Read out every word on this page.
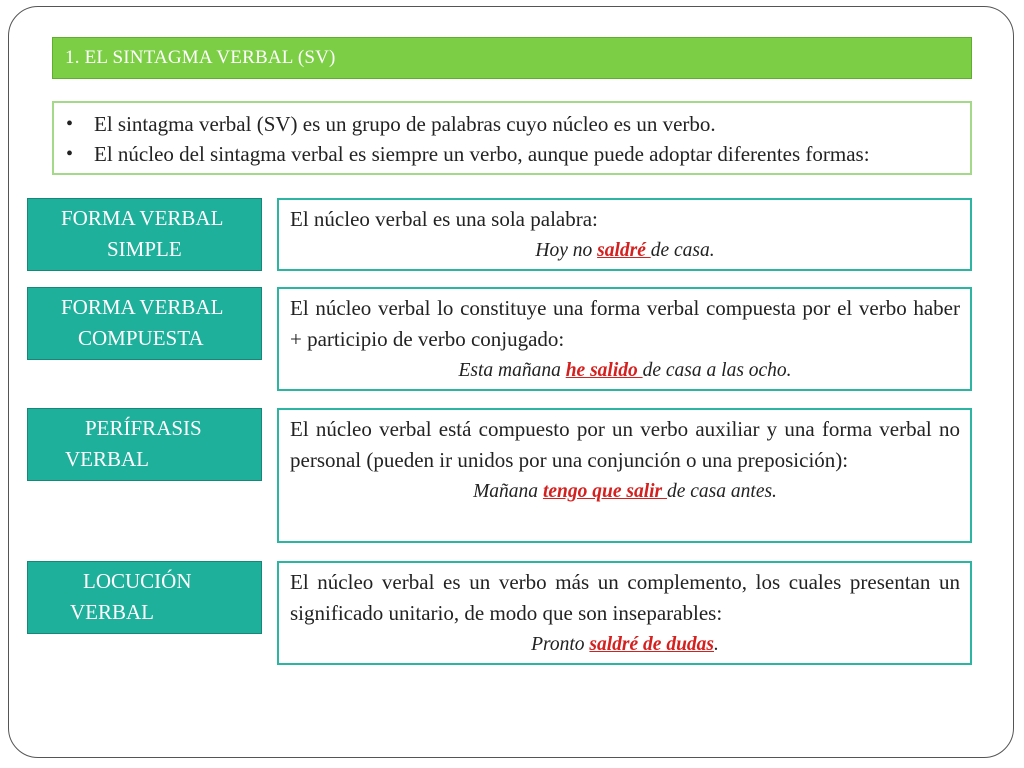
1. EL SINTAGMA VERBAL (SV)
• El sintagma verbal (SV) es un grupo de palabras cuyo núcleo es un verbo.
• El núcleo del sintagma verbal es siempre un verbo, aunque puede adoptar diferentes formas:
FORMA VERBAL
SIMPLE
El núcleo verbal es una sola palabra:
Hoy no saldré de casa.
FORMA VERBAL
COMPUESTA
El núcleo verbal lo constituye una forma verbal compuesta por el verbo haber + participio de verbo conjugado:
Esta mañana he salido de casa a las ocho.
PERÍFRASIS
VERBAL
El núcleo verbal está compuesto por un verbo auxiliar y una forma verbal no personal (pueden ir unidos por una conjunción o una preposición):
Mañana tengo que salir de casa antes.
LOCUCIÓN
VERBAL
El núcleo verbal es un verbo más un complemento, los cuales presentan un significado unitario, de modo que son inseparables:
Pronto saldré de dudas.
